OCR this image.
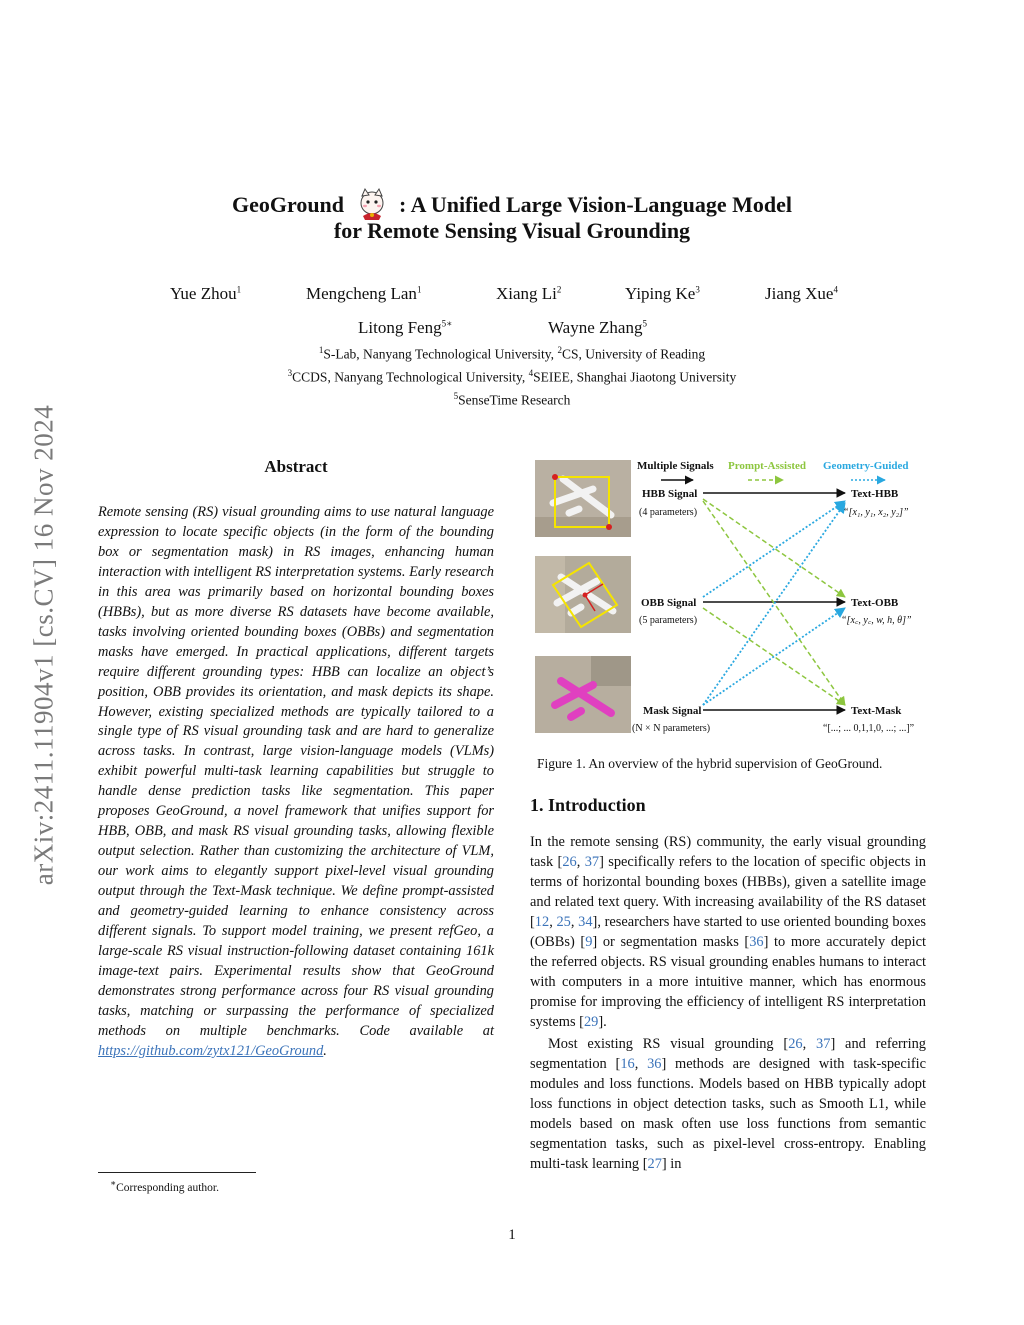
arXiv:2411.11904v1 [cs.CV] 16 Nov 2024
GeoGround	: A Unified Large Vision-Language Model
for Remote Sensing Visual Grounding
Yue Zhou$^1$	Mengcheng Lan$^1$	Xiang Li$^2$	Yiping Ke$^3$	Jiang Xue$^4$
Litong Feng$^{5∗}$	Wayne Zhang$^5$
$^1$S-Lab, Nanyang Technological University, $^2$CS, University of Reading
$^3$CCDS, Nanyang Technological University, $^4$SEIEE, Shanghai Jiaotong University
$^5$SenseTime Research
Abstract
Remote sensing (RS) visual grounding aims to use natural language expression to locate specific objects (in the form of the bounding box or segmentation mask) in RS images, enhancing human interaction with intelligent RS interpretation systems. Early research in this area was primarily based on horizontal bounding boxes (HBBs), but as more diverse RS datasets have become available, tasks involving oriented bounding boxes (OBBs) and segmentation masks have emerged. In practical applications, different targets require different grounding types: HBB can localize an object’s position, OBB provides its orientation, and mask depicts its shape. However, existing specialized methods are typically tailored to a single type of RS visual grounding task and are hard to generalize across tasks. In contrast, large vision-language models (VLMs) exhibit powerful multi-task learning capabilities but struggle to handle dense prediction tasks like segmentation. This paper proposes GeoGround, a novel framework that unifies support for HBB, OBB, and mask RS visual grounding tasks, allowing flexible output selection. Rather than customizing the architecture of VLM, our work aims to elegantly support pixel-level visual grounding output through the Text-Mask technique. We define prompt-assisted and geometry-guided learning to enhance consistency across different signals. To support model training, we present refGeo, a large-scale RS visual instruction-following dataset containing 161k image-text pairs. Experimental results show that GeoGround demonstrates strong performance across four RS visual grounding tasks, matching or surpassing the performance of specialized methods on multiple benchmarks. Code available at https://github.com/zytx121/GeoGround.
∗Corresponding author.
Multiple Signals Prompt-Assisted Geometry-Guided
HBB Signal
(4 parameters)
OBB Signal
(5 parameters)
Mask Signal
(N × N parameters)
Text-HBB
“[x₁, y₁, x₂, y₂]”
Text-OBB
“[x꜀, y꜀, w, h, θ]”
Text-Mask
“[...; ... 0,1,1,0, ...; ...]”
Figure 1. An overview of the hybrid supervision of GeoGround.
1. Introduction

In the remote sensing (RS) community, the early visual grounding task [26, 37] specifically refers to the location of specific objects in terms of horizontal bounding boxes (HBBs), given a satellite image and related text query. With increasing availability of the RS dataset [12, 25, 34], researchers have started to use oriented bounding boxes (OBBs) [9] or segmentation masks [36] to more accurately depict the referred objects. RS visual grounding enables humans to interact with computers in a more intuitive manner, which has enormous promise for improving the efficiency of intelligent RS interpretation systems [29].

Most existing RS visual grounding [26, 37] and referring segmentation [16, 36] methods are designed with task-specific modules and loss functions. Models based on HBB typically adopt loss functions in object detection tasks, such as Smooth L1, while models based on mask often use loss functions from semantic segmentation tasks, such as pixel-level cross-entropy. Enabling multi-task learning [27] in

1
